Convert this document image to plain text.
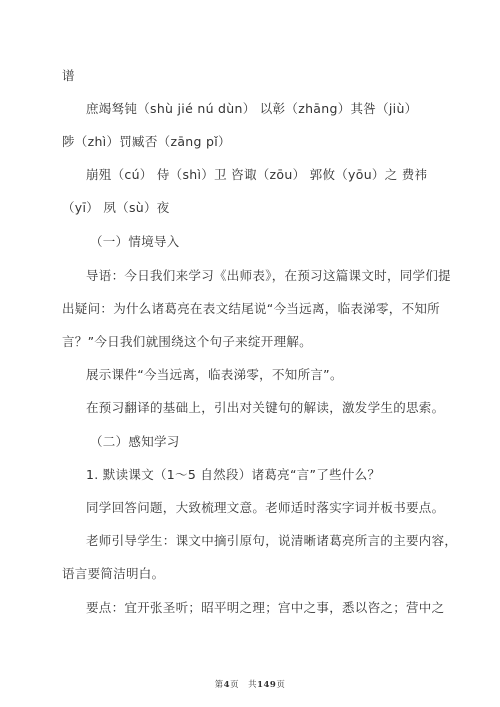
谱
庶竭驽钝（shù jié nú dùn） 以彰（zhāng）其咎（jiù）
陟（zhì）罚臧否（zāng pǐ）
崩殂（cú） 侍（shì）卫 咨诹（zōu） 郭攸（yōu）之 费祎
（yī） 夙（sù）夜
（一）情境导入
导语：今日我们来学习《出师表》，在预习这篇课文时，同学们提
出疑问：为什么诸葛亮在表文结尾说“今当远离，临表涕零，不知所
言？”今日我们就围绕这个句子来绽开理解。
展示课件“今当远离，临表涕零，不知所言”。
在预习翻译的基础上，引出对关键句的解读，激发学生的思索。
（二）感知学习
1. 默读课文（1～5 自然段）诸葛亮“言”了些什么？
同学回答问题，大致梳理文意。老师适时落实字词并板书要点。
老师引导学生：课文中摘引原句，说清晰诸葛亮所言的主要内容，
语言要简洁明白。
要点：宜开张圣听；昭平明之理；宫中之事，悉以咨之；营中之
第4页　共149页
